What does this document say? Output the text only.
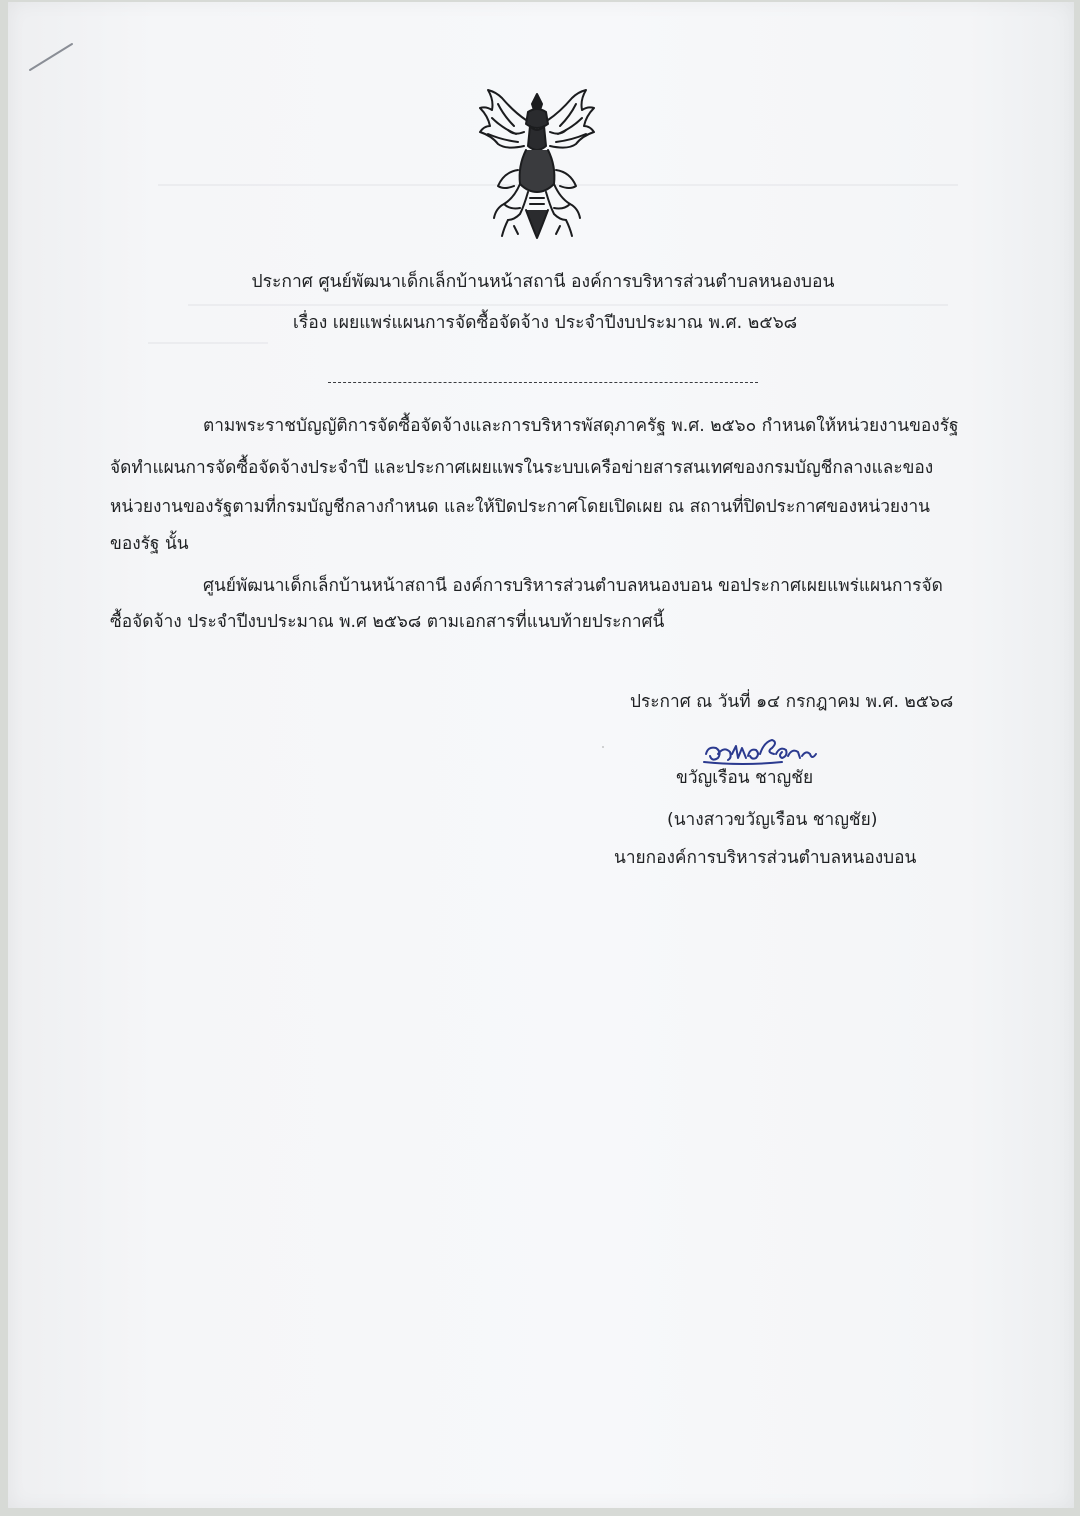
ประกาศ ศูนย์พัฒนาเด็กเล็กบ้านหน้าสถานี องค์การบริหารส่วนตำบลหนองบอน
เรื่อง เผยแพร่แผนการจัดซื้อจัดจ้าง ประจำปีงบประมาณ พ.ศ. ๒๕๖๘
ตามพระราชบัญญัติการจัดซื้อจัดจ้างและการบริหารพัสดุภาครัฐ พ.ศ. ๒๕๖๐ กำหนดให้หน่วยงานของรัฐ
จัดทำแผนการจัดซื้อจัดจ้างประจำปี และประกาศเผยแพรในระบบเครือข่ายสารสนเทศของกรมบัญชีกลางและของ
หน่วยงานของรัฐตามที่กรมบัญชีกลางกำหนด และให้ปิดประกาศโดยเปิดเผย ณ สถานที่ปิดประกาศของหน่วยงาน
ของรัฐ นั้น
ศูนย์พัฒนาเด็กเล็กบ้านหน้าสถานี องค์การบริหารส่วนตำบลหนองบอน ขอประกาศเผยแพร่แผนการจัด
ซื้อจัดจ้าง ประจำปีงบประมาณ พ.ศ ๒๕๖๘ ตามเอกสารที่แนบท้ายประกาศนี้
ประกาศ ณ วันที่ ๑๔ กรกฎาคม พ.ศ. ๒๕๖๘
ขวัญเรือน ชาญชัย
(นางสาวขวัญเรือน ชาญชัย)
นายกองค์การบริหารส่วนตำบลหนองบอน
